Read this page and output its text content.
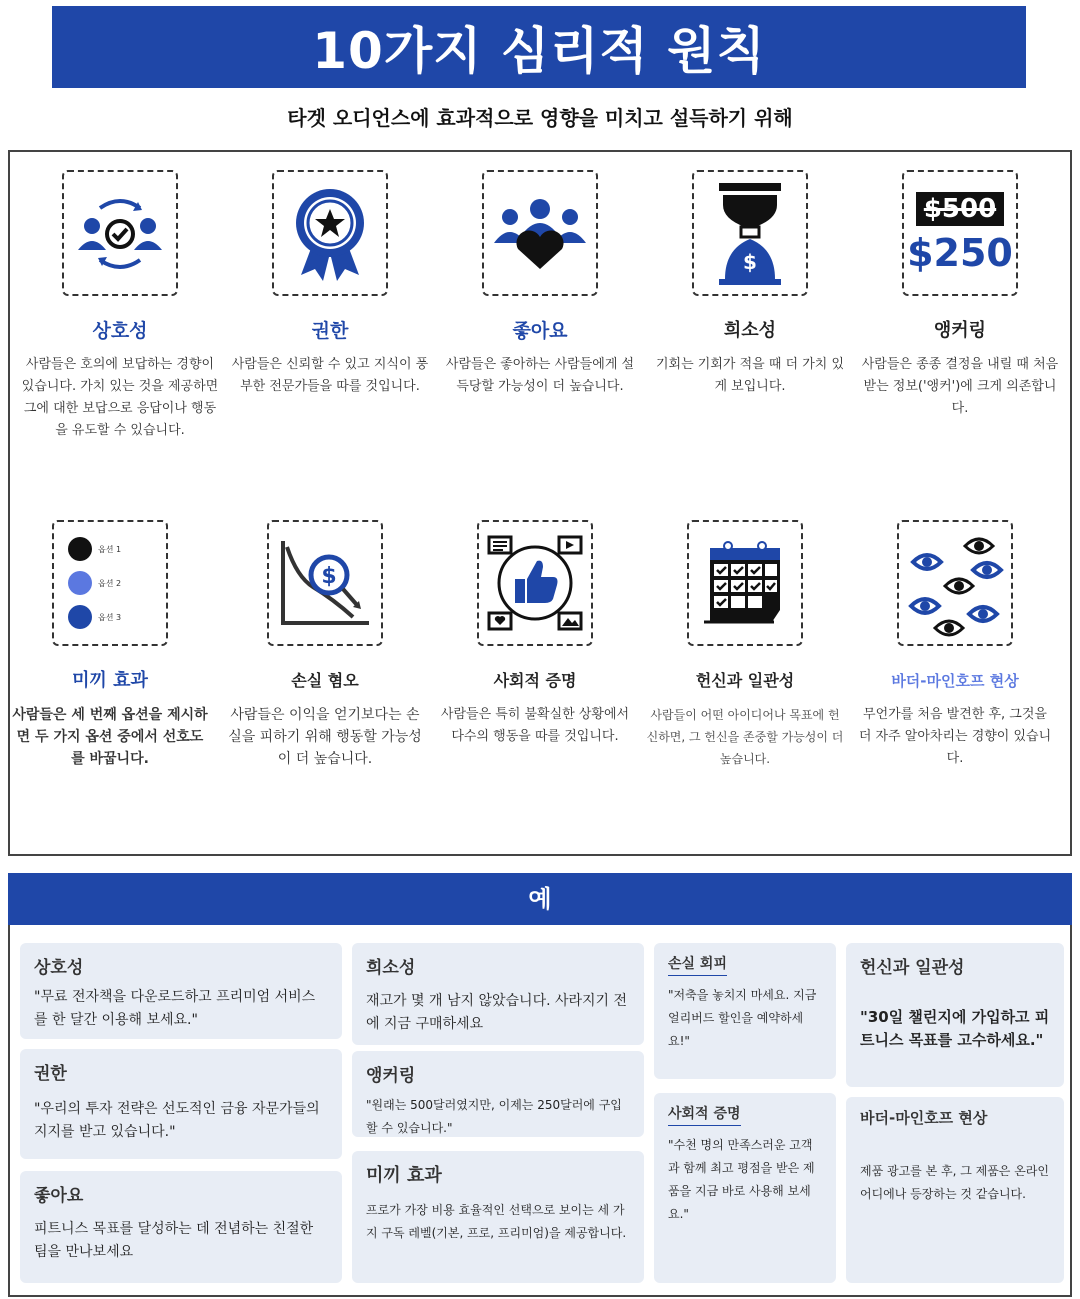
10가지 심리적 원칙
타겟 오디언스에 효과적으로 영향을 미치고 설득하기 위해
상호성

사람들은 호의에 보답하는 경향이 있습니다. 가치 있는 것을 제공하면 그에 대한 보답으로 응답이나 행동을 유도할 수 있습니다.

권한

사람들은 신뢰할 수 있고 지식이 풍부한 전문가들을 따를 것입니다.

좋아요

사람들은 좋아하는 사람들에게 설득당할 가능성이 더 높습니다.

$
희소성

기회는 기회가 적을 때 더 가치 있게 보입니다.

$500
$250
앵커링

사람들은 종종 결정을 내릴 때 처음 받는 정보('앵커')에 크게 의존합니다.

옵션 1
옵션 2
옵션 3
미끼 효과

사람들은 세 번째 옵션을 제시하면 두 가지 옵션 중에서 선호도를 바꿉니다.

$
손실 혐오

사람들은 이익을 얻기보다는 손실을 피하기 위해 행동할 가능성이 더 높습니다.

사회적 증명

사람들은 특히 불확실한 상황에서 다수의 행동을 따를 것입니다.

헌신과 일관성

사람들이 어떤 아이디어나 목표에 헌신하면, 그 헌신을 존중할 가능성이 더 높습니다.

바더-마인호프 현상

무언가를 처음 발견한 후, 그것을 더 자주 알아차리는 경향이 있습니다.

예
상호성

"무료 전자책을 다운로드하고 프리미엄 서비스를 한 달간 이용해 보세요."

권한

"우리의 투자 전략은 선도적인 금융 자문가들의 지지를 받고 있습니다."

좋아요

피트니스 목표를 달성하는 데 전념하는 친절한 팀을 만나보세요

희소성

재고가 몇 개 남지 않았습니다. 사라지기 전에 지금 구매하세요

앵커링

"원래는 500달러였지만, 이제는 250달러에 구입할 수 있습니다."

미끼 효과

프로가 가장 비용 효율적인 선택으로 보이는 세 가지 구독 레벨(기본, 프로, 프리미엄)을 제공합니다.

손실 회피

"저축을 놓치지 마세요. 지금 얼리버드 할인을 예약하세요!"

사회적 증명

"수천 명의 만족스러운 고객과 함께 최고 평점을 받은 제품을 지금 바로 사용해 보세요."

헌신과 일관성

"30일 챌린지에 가입하고 피트니스 목표를 고수하세요."

바더-마인호프 현상

제품 광고를 본 후, 그 제품은 온라인 어디에나 등장하는 것 같습니다.
